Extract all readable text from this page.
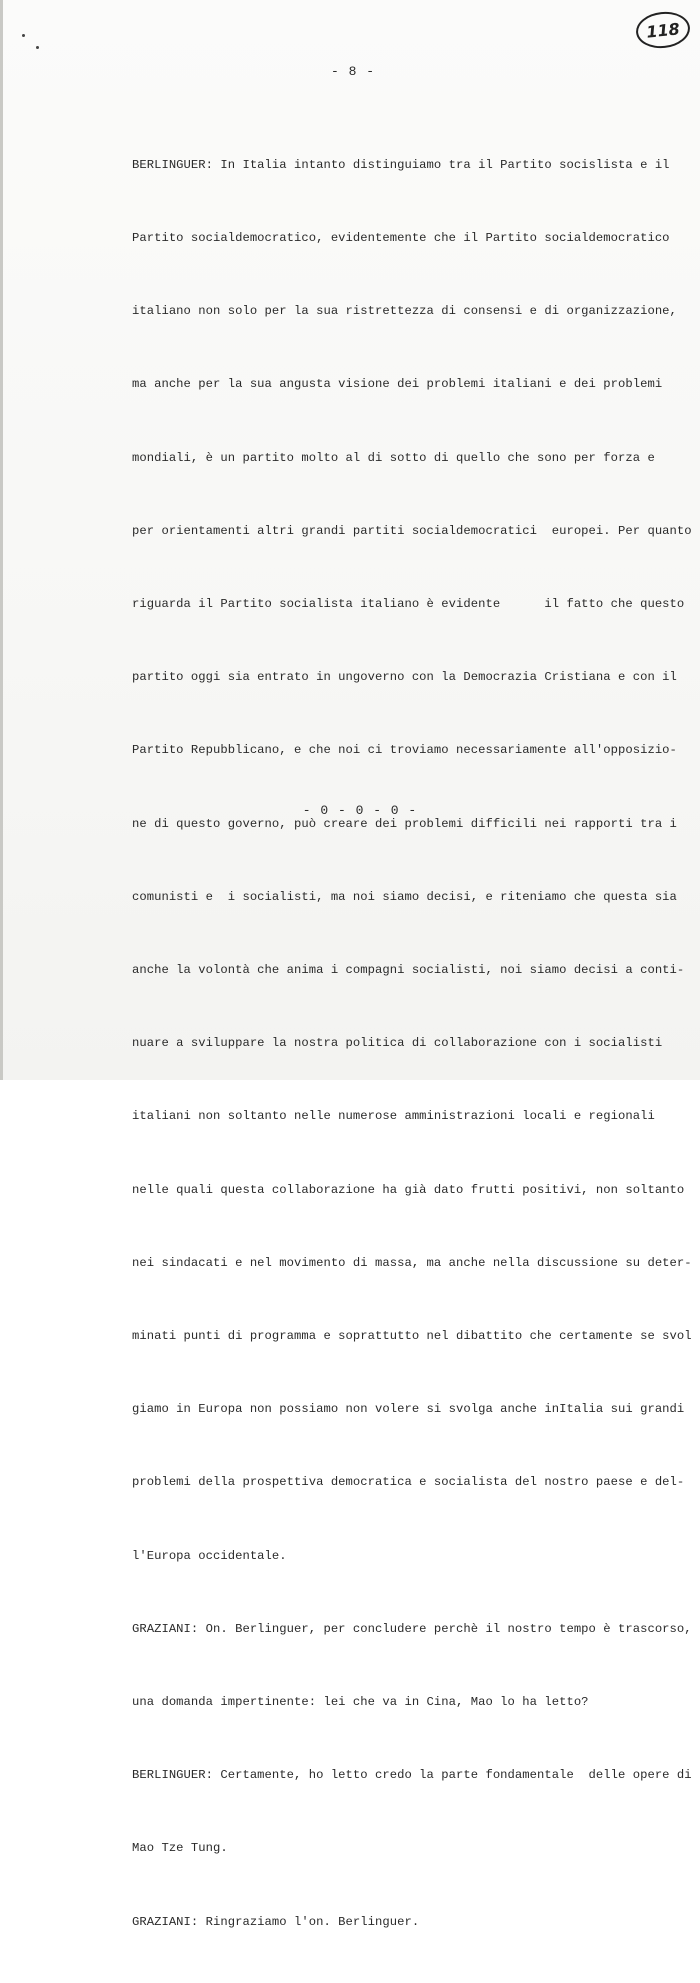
118
- 8 -

BERLINGUER: In Italia intanto distinguiamo tra il Partito socislista e il

Partito socialdemocratico, evidentemente che il Partito socialdemocratico

italiano non solo per la sua ristrettezza di consensi e di organizzazione,

ma anche per la sua angusta visione dei problemi italiani e dei problemi

mondiali, è un partito molto al di sotto di quello che sono per forza e

per orientamenti altri grandi partiti socialdemocratici  europei. Per quanto

riguarda il Partito socialista italiano è evidente      il fatto che questo

partito oggi sia entrato in ungoverno con la Democrazia Cristiana e con il

Partito Repubblicano, e che noi ci troviamo necessariamente all'opposizio-

ne di questo governo, può creare dei problemi difficili nei rapporti tra i

comunisti e  i socialisti, ma noi siamo decisi, e riteniamo che questa sia

anche la volontà che anima i compagni socialisti, noi siamo decisi a conti-

nuare a sviluppare la nostra politica di collaborazione con i socialisti

italiani non soltanto nelle numerose amministrazioni locali e regionali

nelle quali questa collaborazione ha già dato frutti positivi, non soltanto

nei sindacati e nel movimento di massa, ma anche nella discussione su deter-

minati punti di programma e soprattutto nel dibattito che certamente se svol

giamo in Europa non possiamo non volere si svolga anche inItalia sui grandi

problemi della prospettiva democratica e socialista del nostro paese e del-

l'Europa occidentale.

GRAZIANI: On. Berlinguer, per concludere perchè il nostro tempo è trascorso,

una domanda impertinente: lei che va in Cina, Mao lo ha letto?

BERLINGUER: Certamente, ho letto credo la parte fondamentale  delle opere di

Mao Tze Tung.

GRAZIANI: Ringraziamo l'on. Berlinguer.

- 0 - 0 - 0 -
